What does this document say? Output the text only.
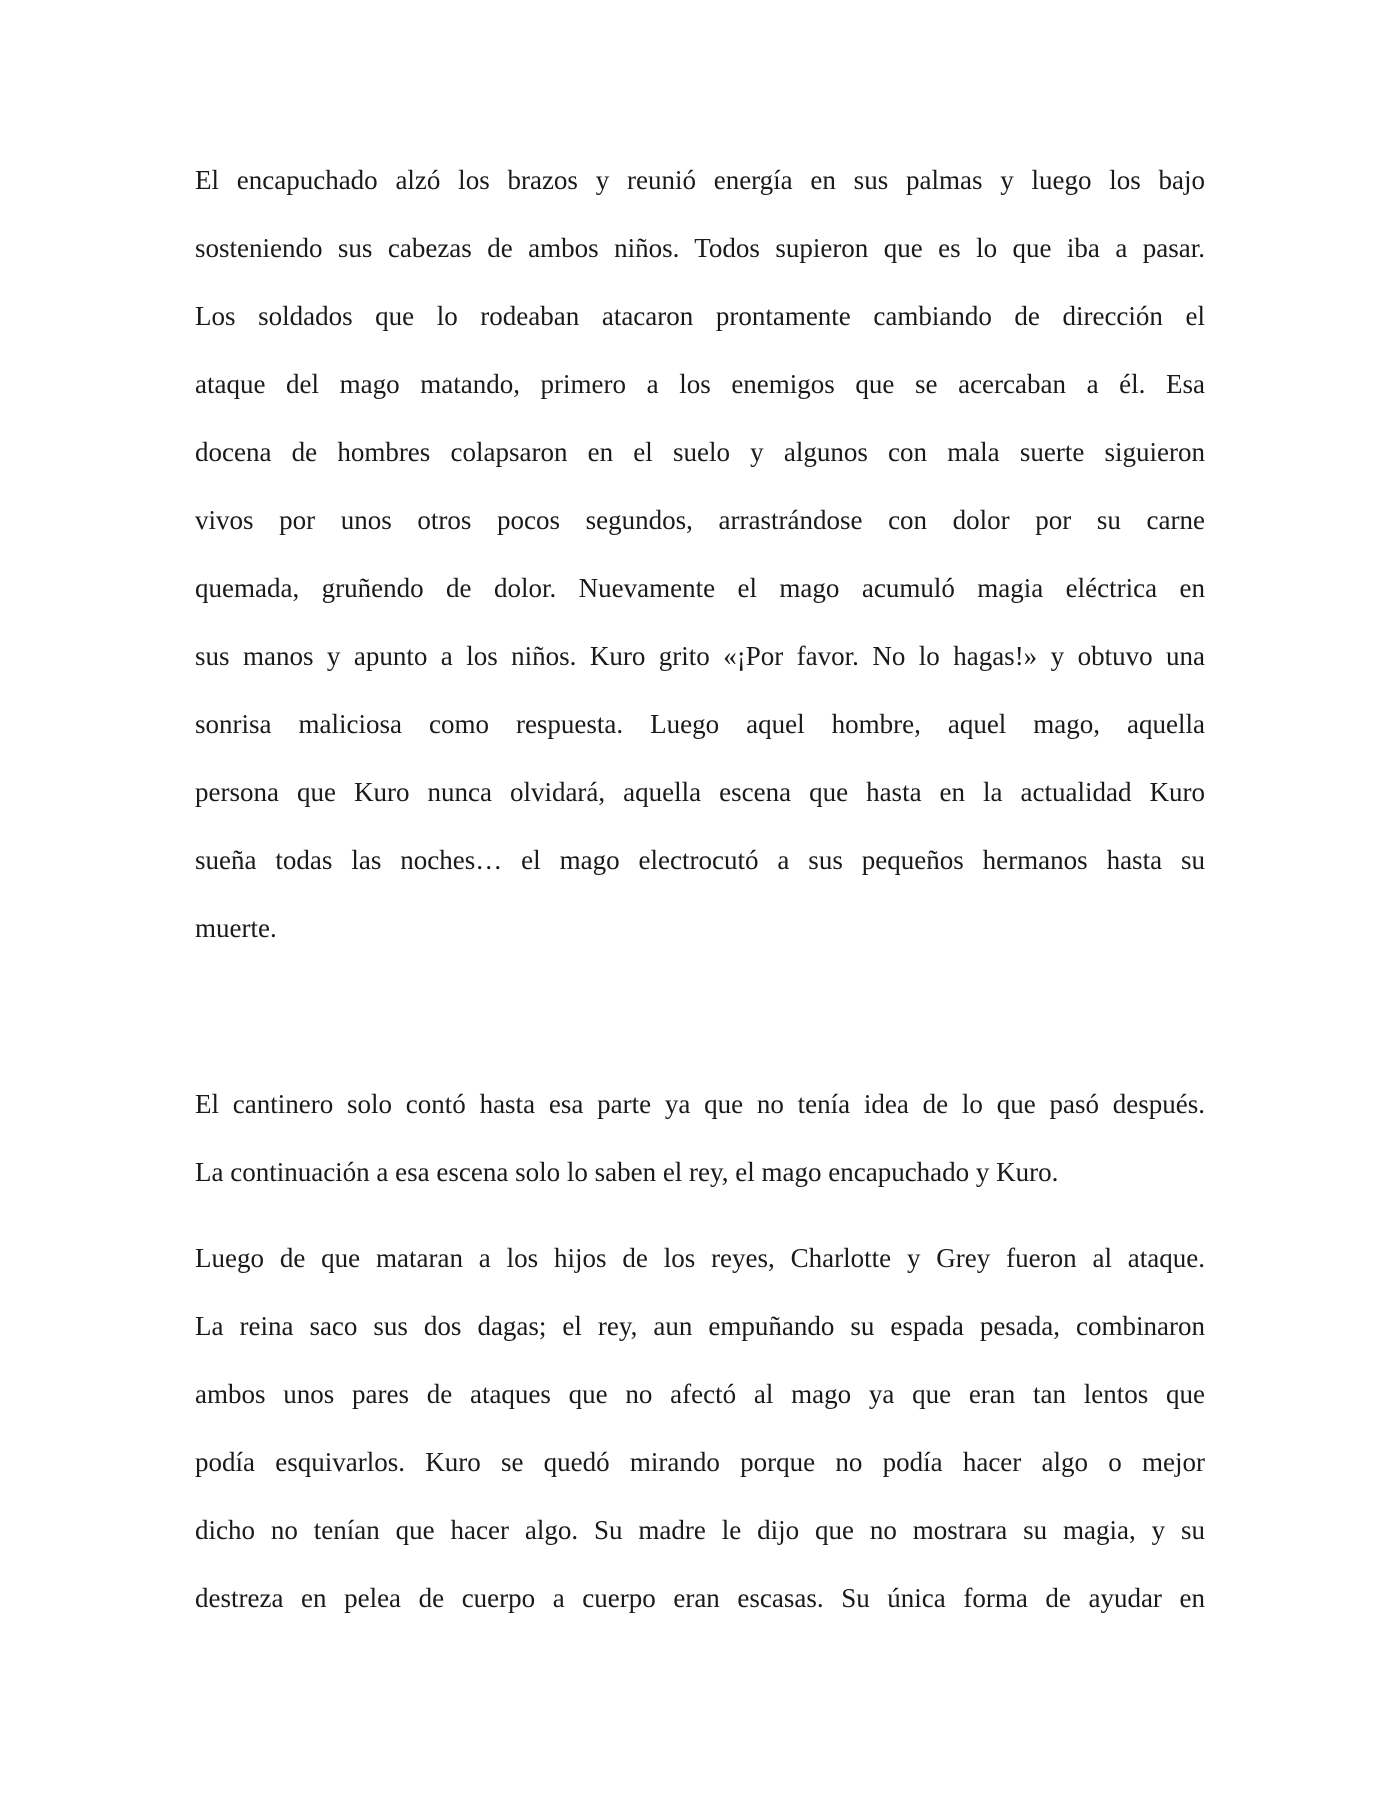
El encapuchado alzó los brazos y reunió energía en sus palmas y luego los bajo
sosteniendo sus cabezas de ambos niños. Todos supieron que es lo que iba a pasar.
Los soldados que lo rodeaban atacaron prontamente cambiando de dirección el
ataque del mago matando, primero a los enemigos que se acercaban a él. Esa
docena de hombres colapsaron en el suelo y algunos con mala suerte siguieron
vivos por unos otros pocos segundos, arrastrándose con dolor por su carne
quemada, gruñendo de dolor. Nuevamente el mago acumuló magia eléctrica en
sus manos y apunto a los niños. Kuro grito «¡Por favor. No lo hagas!» y obtuvo una
sonrisa maliciosa como respuesta. Luego aquel hombre, aquel mago, aquella
persona que Kuro nunca olvidará, aquella escena que hasta en la actualidad Kuro
sueña todas las noches… el mago electrocutó a sus pequeños hermanos hasta su
muerte.
El cantinero solo contó hasta esa parte ya que no tenía idea de lo que pasó después.
La continuación a esa escena solo lo saben el rey, el mago encapuchado y Kuro.
Luego de que mataran a los hijos de los reyes, Charlotte y Grey fueron al ataque.
La reina saco sus dos dagas; el rey, aun empuñando su espada pesada, combinaron
ambos unos pares de ataques que no afectó al mago ya que eran tan lentos que
podía esquivarlos. Kuro se quedó mirando porque no podía hacer algo o mejor
dicho no tenían que hacer algo. Su madre le dijo que no mostrara su magia, y su
destreza en pelea de cuerpo a cuerpo eran escasas. Su única forma de ayudar en
